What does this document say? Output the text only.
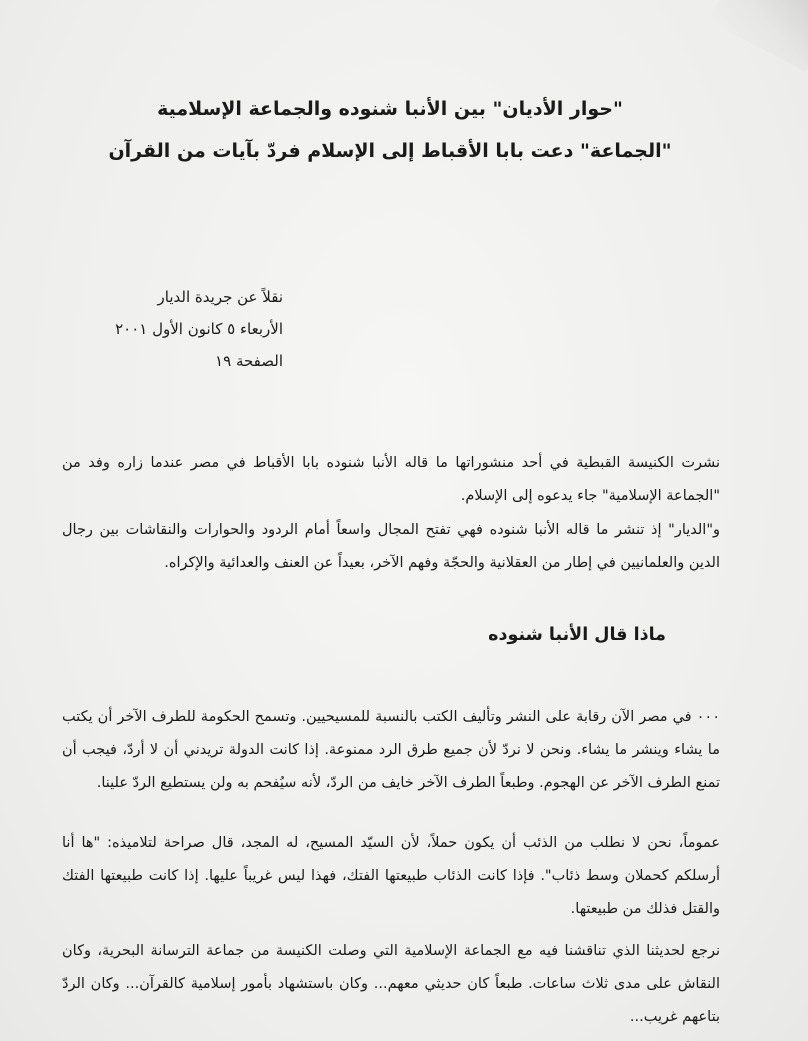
"حوار الأديان" بين الأنبا شنوده والجماعة الإسلامية
"الجماعة" دعت بابا الأقباط إلى الإسلام فردّ بآيات من القرآن
نقلاً عن جريدة الديار
الأربعاء ٥ كانون الأول ٢٠٠١
الصفحة ١٩
نشرت الكنيسة القبطية في أحد منشوراتها ما قاله الأنبا شنوده بابا الأقباط في مصر عندما زاره وفد من "الجماعة الإسلامية" جاء يدعوه إلى الإسلام.
و"الديار" إذ تنشر ما قاله الأنبا شنوده فهي تفتح المجال واسعاً أمام الردود والحوارات والنقاشات بين رجال الدين والعلمانيين في إطار من العقلانية والحجّة وفهم الآخر، بعيداً عن العنف والعدائية والإكراه.
ماذا قال الأنبا شنوده
٠٠٠ في مصر الآن رقابة على النشر وتأليف الكتب بالنسبة للمسيحيين. وتسمح الحكومة للطرف الآخر أن يكتب ما يشاء وينشر ما يشاء. ونحن لا نردّ لأن جميع طرق الرد ممنوعة. إذا كانت الدولة تريدني أن لا أردّ، فيجب أن تمنع الطرف الآخر عن الهجوم. وطبعاً الطرف الآخر خايف من الردّ، لأنه سيُفحم به ولن يستطيع الردّ علينا.
عموماً، نحن لا نطلب من الذئب أن يكون حملاً، لأن السيّد المسيح، له المجد، قال صراحة لتلاميذه: "ها أنا أرسلكم كحملان وسط ذئاب". فإذا كانت الذئاب طبيعتها الفتك، فهذا ليس غريباً عليها. إذا كانت طبيعتها الفتك والقتل فذلك من طبيعتها.
نرجع لحديثنا الذي تناقشنا فيه مع الجماعة الإسلامية التي وصلت الكنيسة من جماعة الترسانة البحرية، وكان النقاش على مدى ثلاث ساعات. طبعاً كان حديثي معهم... وكان باستشهاد بأمور إسلامية كالقرآن... وكان الردّ بتاعهم غريب...
